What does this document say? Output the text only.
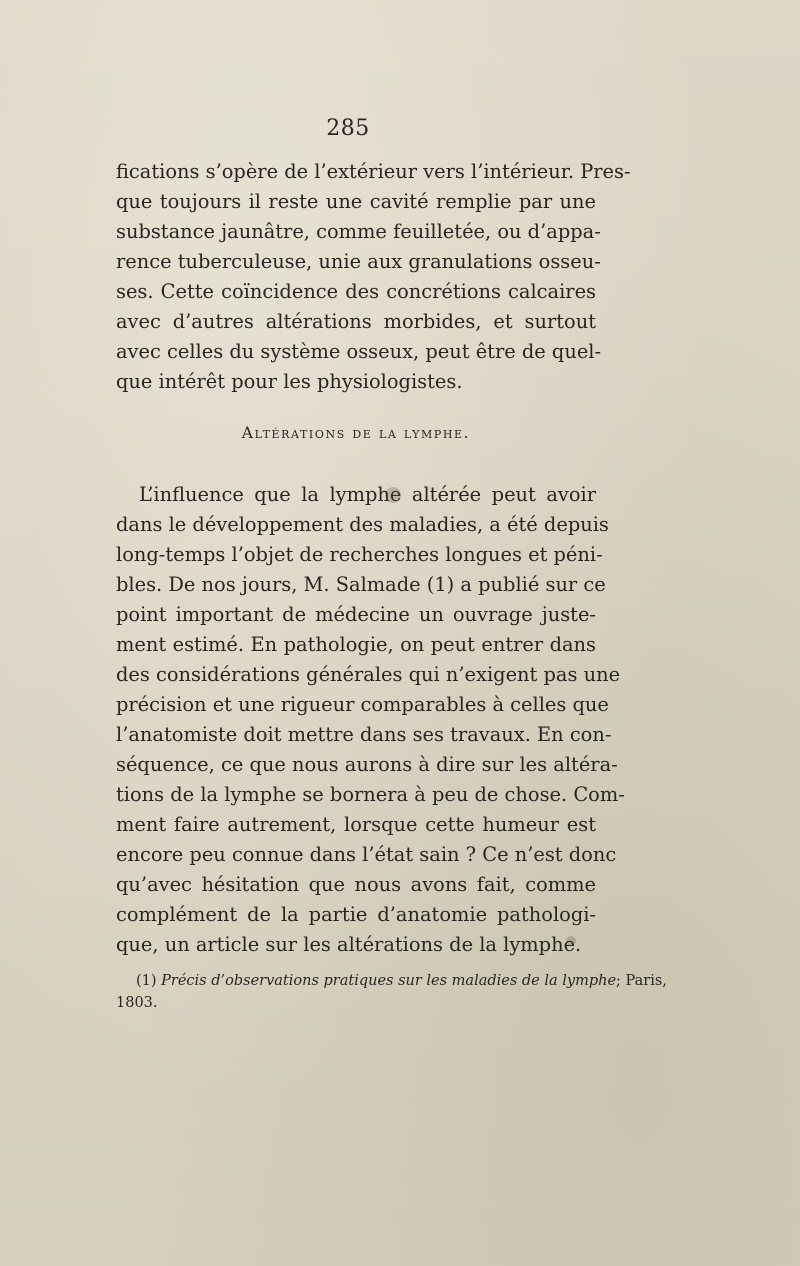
285
fications s’opère de l’extérieur vers l’intérieur. Pres-
que toujours il reste une cavité remplie par une
substance jaunâtre, comme feuilletée, ou d’appa-
rence tuberculeuse, unie aux granulations osseu-
ses. Cette coïncidence des concrétions calcaires
avec d’autres altérations morbides, et surtout
avec celles du système osseux, peut être de quel-
que intérêt pour les physiologistes.
Altérations de la lymphe.
L’influence que la lymphe altérée peut avoir
dans le développement des maladies, a été depuis
long-temps l’objet de recherches longues et péni-
bles. De nos jours, M. Salmade (1) a publié sur ce
point important de médecine un ouvrage juste-
ment estimé. En pathologie, on peut entrer dans
des considérations générales qui n’exigent pas une
précision et une rigueur comparables à celles que
l’anatomiste doit mettre dans ses travaux. En con-
séquence, ce que nous aurons à dire sur les altéra-
tions de la lymphe se bornera à peu de chose. Com-
ment faire autrement, lorsque cette humeur est
encore peu connue dans l’état sain ? Ce n’est donc
qu’avec hésitation que nous avons fait, comme
complément de la partie d’anatomie pathologi-
que, un article sur les altérations de la lymphe.
(1) Précis d’observations pratiques sur les maladies de la lymphe; Paris,
1803.
